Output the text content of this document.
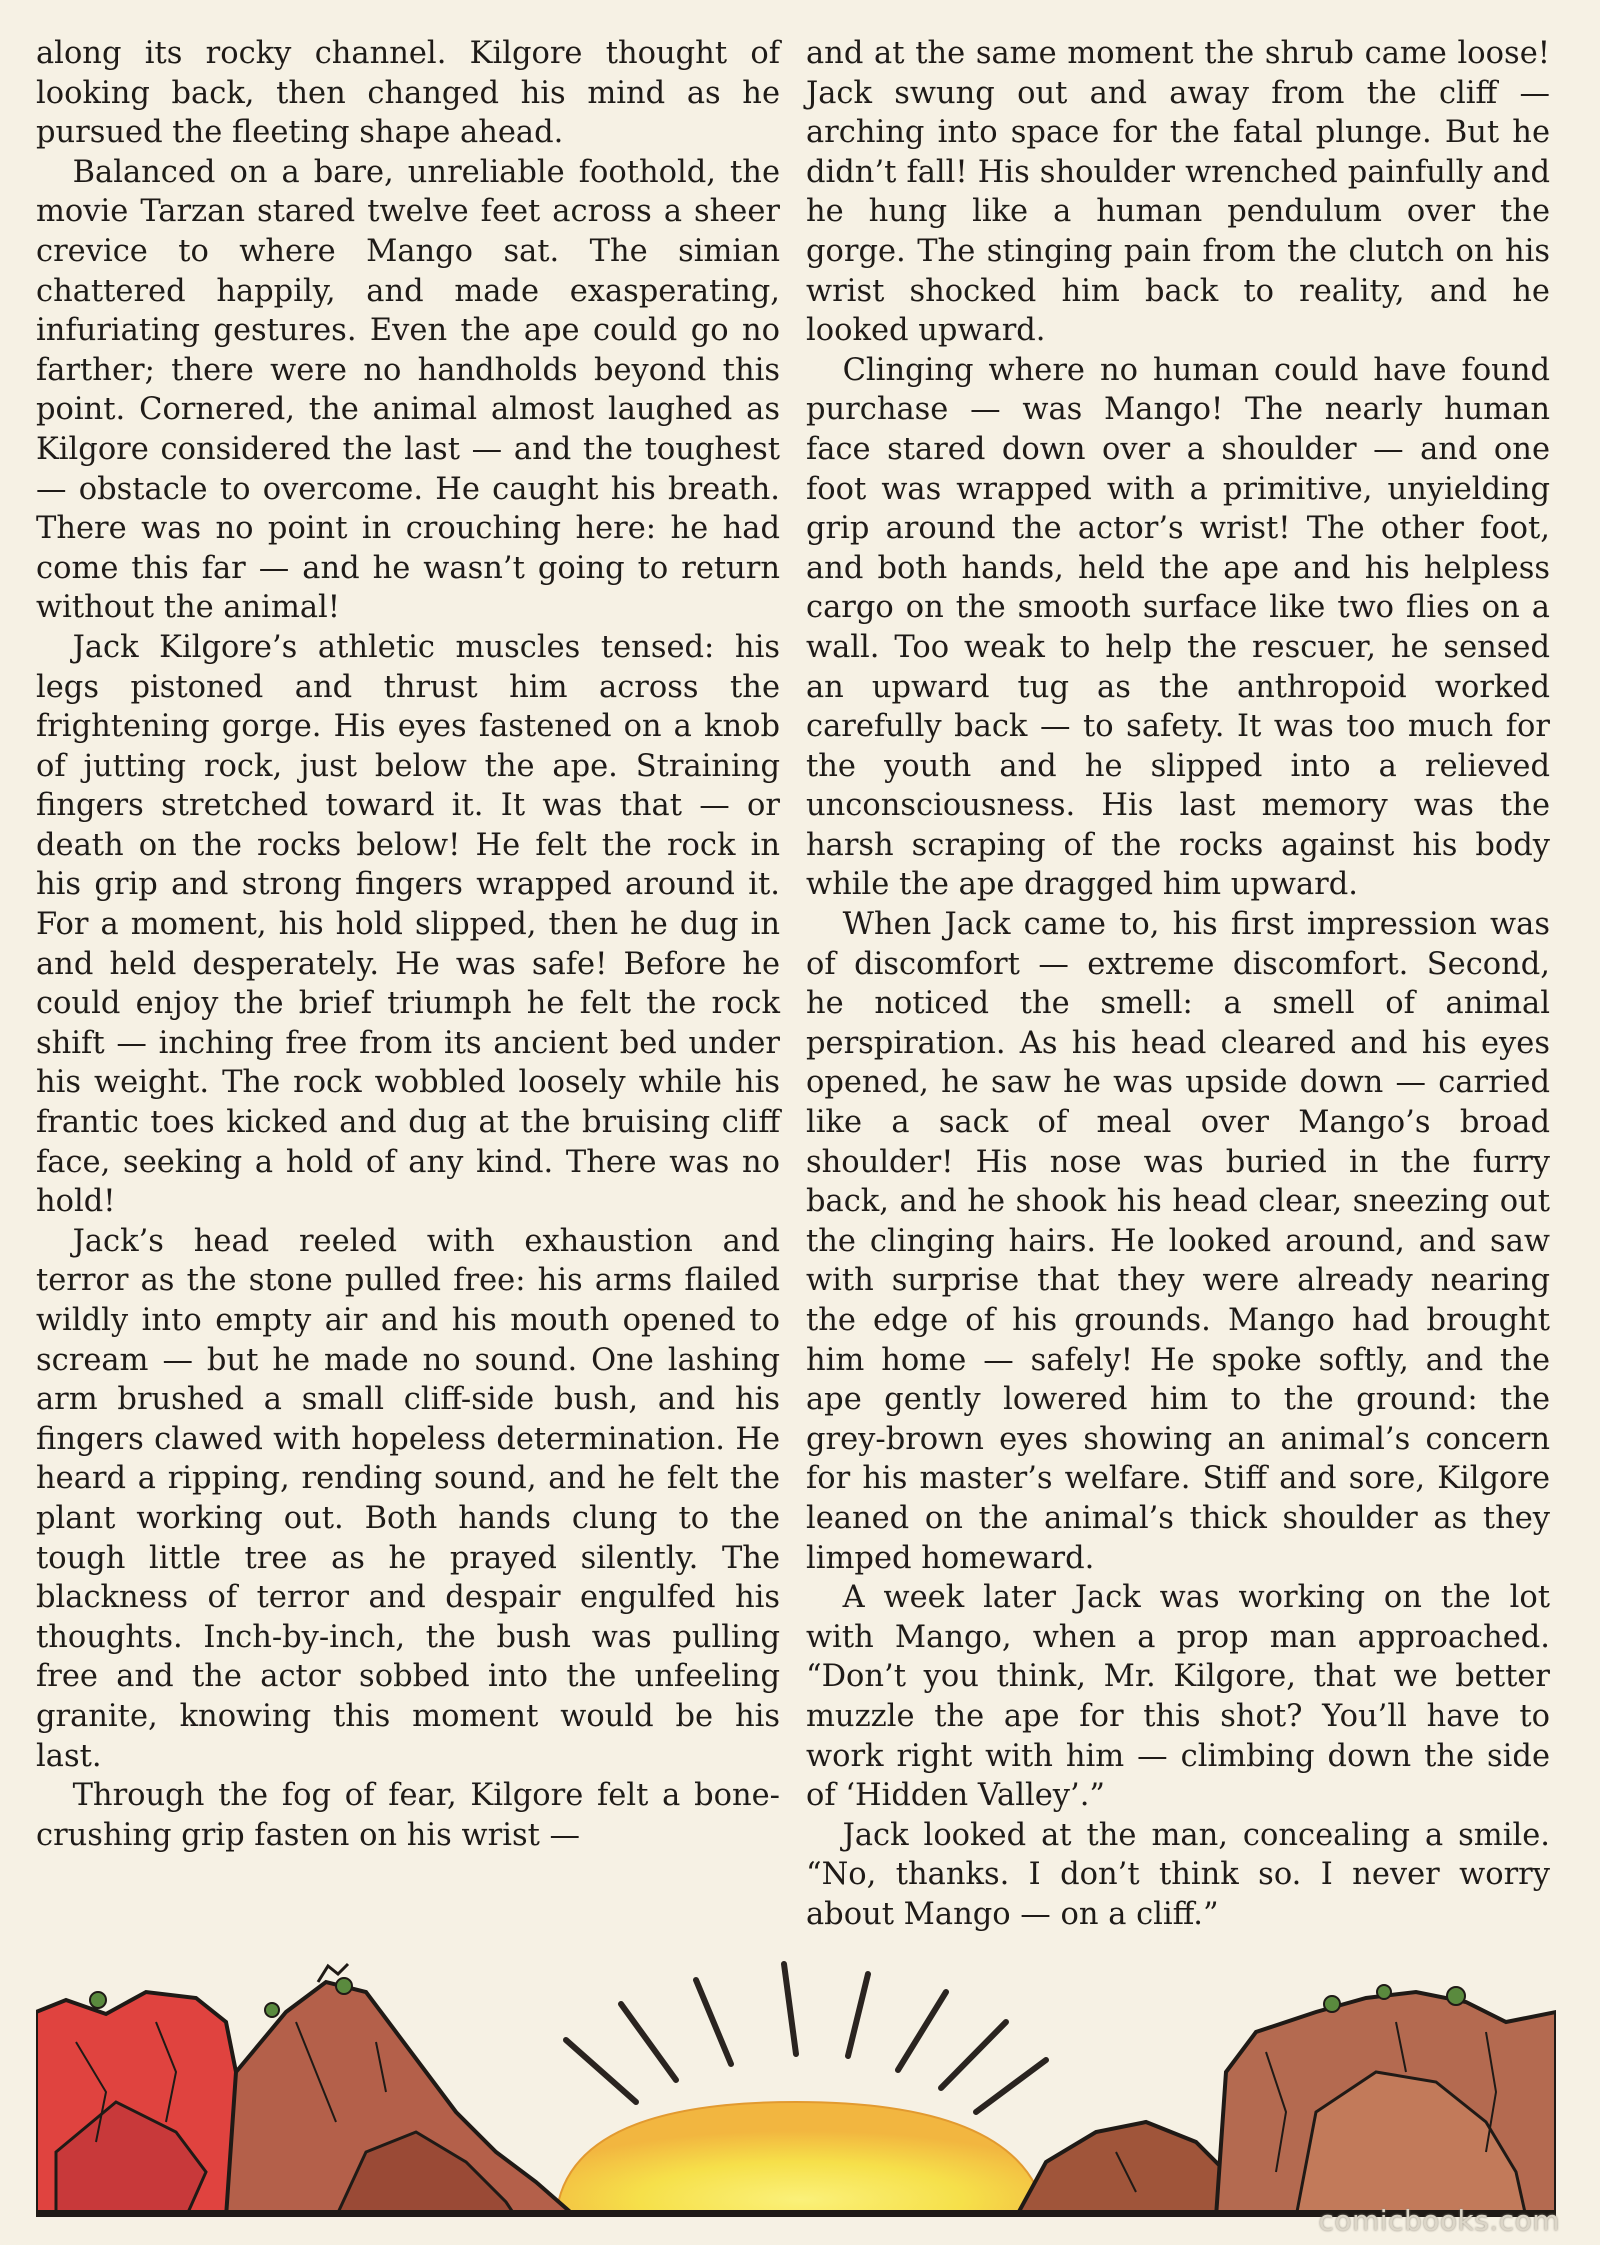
along its rocky channel. Kilgore thought of looking back, then changed his mind as he pursued the fleeting shape ahead.

Balanced on a bare, unreliable foothold, the movie Tarzan stared twelve feet across a sheer crevice to where Mango sat. The simian chattered happily, and made exasperating, infuriating gestures. Even the ape could go no farther; there were no handholds beyond this point. Cornered, the animal almost laughed as Kilgore considered the last — and the toughest — obstacle to overcome. He caught his breath. There was no point in crouching here: he had come this far — and he wasn’t going to return without the animal!

Jack Kilgore’s athletic muscles tensed: his legs pistoned and thrust him across the frightening gorge. His eyes fastened on a knob of jutting rock, just below the ape. Straining fingers stretched toward it. It was that — or death on the rocks below! He felt the rock in his grip and strong fingers wrapped around it. For a moment, his hold slipped, then he dug in and held desperately. He was safe! Before he could enjoy the brief triumph he felt the rock shift — inching free from its ancient bed under his weight. The rock wobbled loosely while his frantic toes kicked and dug at the bruising cliff face, seeking a hold of any kind. There was no hold!

Jack’s head reeled with exhaustion and terror as the stone pulled free: his arms flailed wildly into empty air and his mouth opened to scream — but he made no sound. One lashing arm brushed a small cliff-side bush, and his fingers clawed with hopeless determination. He heard a ripping, rending sound, and he felt the plant working out. Both hands clung to the tough little tree as he prayed silently. The blackness of terror and despair engulfed his thoughts. Inch-by-inch, the bush was pulling free and the actor sobbed into the unfeeling granite, knowing this moment would be his last.

Through the fog of fear, Kilgore felt a bone-crushing grip fasten on his wrist —

and at the same moment the shrub came loose! Jack swung out and away from the cliff — arching into space for the fatal plunge. But he didn’t fall! His shoulder wrenched painfully and he hung like a human pendulum over the gorge. The stinging pain from the clutch on his wrist shocked him back to reality, and he looked upward.

Clinging where no human could have found purchase — was Mango! The nearly human face stared down over a shoulder — and one foot was wrapped with a primitive, unyielding grip around the actor’s wrist! The other foot, and both hands, held the ape and his helpless cargo on the smooth surface like two flies on a wall. Too weak to help the rescuer, he sensed an upward tug as the anthropoid worked carefully back — to safety. It was too much for the youth and he slipped into a relieved unconsciousness. His last memory was the harsh scraping of the rocks against his body while the ape dragged him upward.

When Jack came to, his first impression was of discomfort — extreme discomfort. Second, he noticed the smell: a smell of animal perspiration. As his head cleared and his eyes opened, he saw he was upside down — carried like a sack of meal over Mango’s broad shoulder! His nose was buried in the furry back, and he shook his head clear, sneezing out the clinging hairs. He looked around, and saw with surprise that they were already nearing the edge of his grounds. Mango had brought him home — safely! He spoke softly, and the ape gently lowered him to the ground: the grey-brown eyes showing an animal’s concern for his master’s welfare. Stiff and sore, Kilgore leaned on the animal’s thick shoulder as they limped homeward.

A week later Jack was working on the lot with Mango, when a prop man approached. “Don’t you think, Mr. Kilgore, that we better muzzle the ape for this shot? You’ll have to work right with him — climbing down the side of ‘Hidden Valley’.”

Jack looked at the man, concealing a smile. “No, thanks. I don’t think so. I never worry about Mango — on a cliff.”

comicbooks.com
